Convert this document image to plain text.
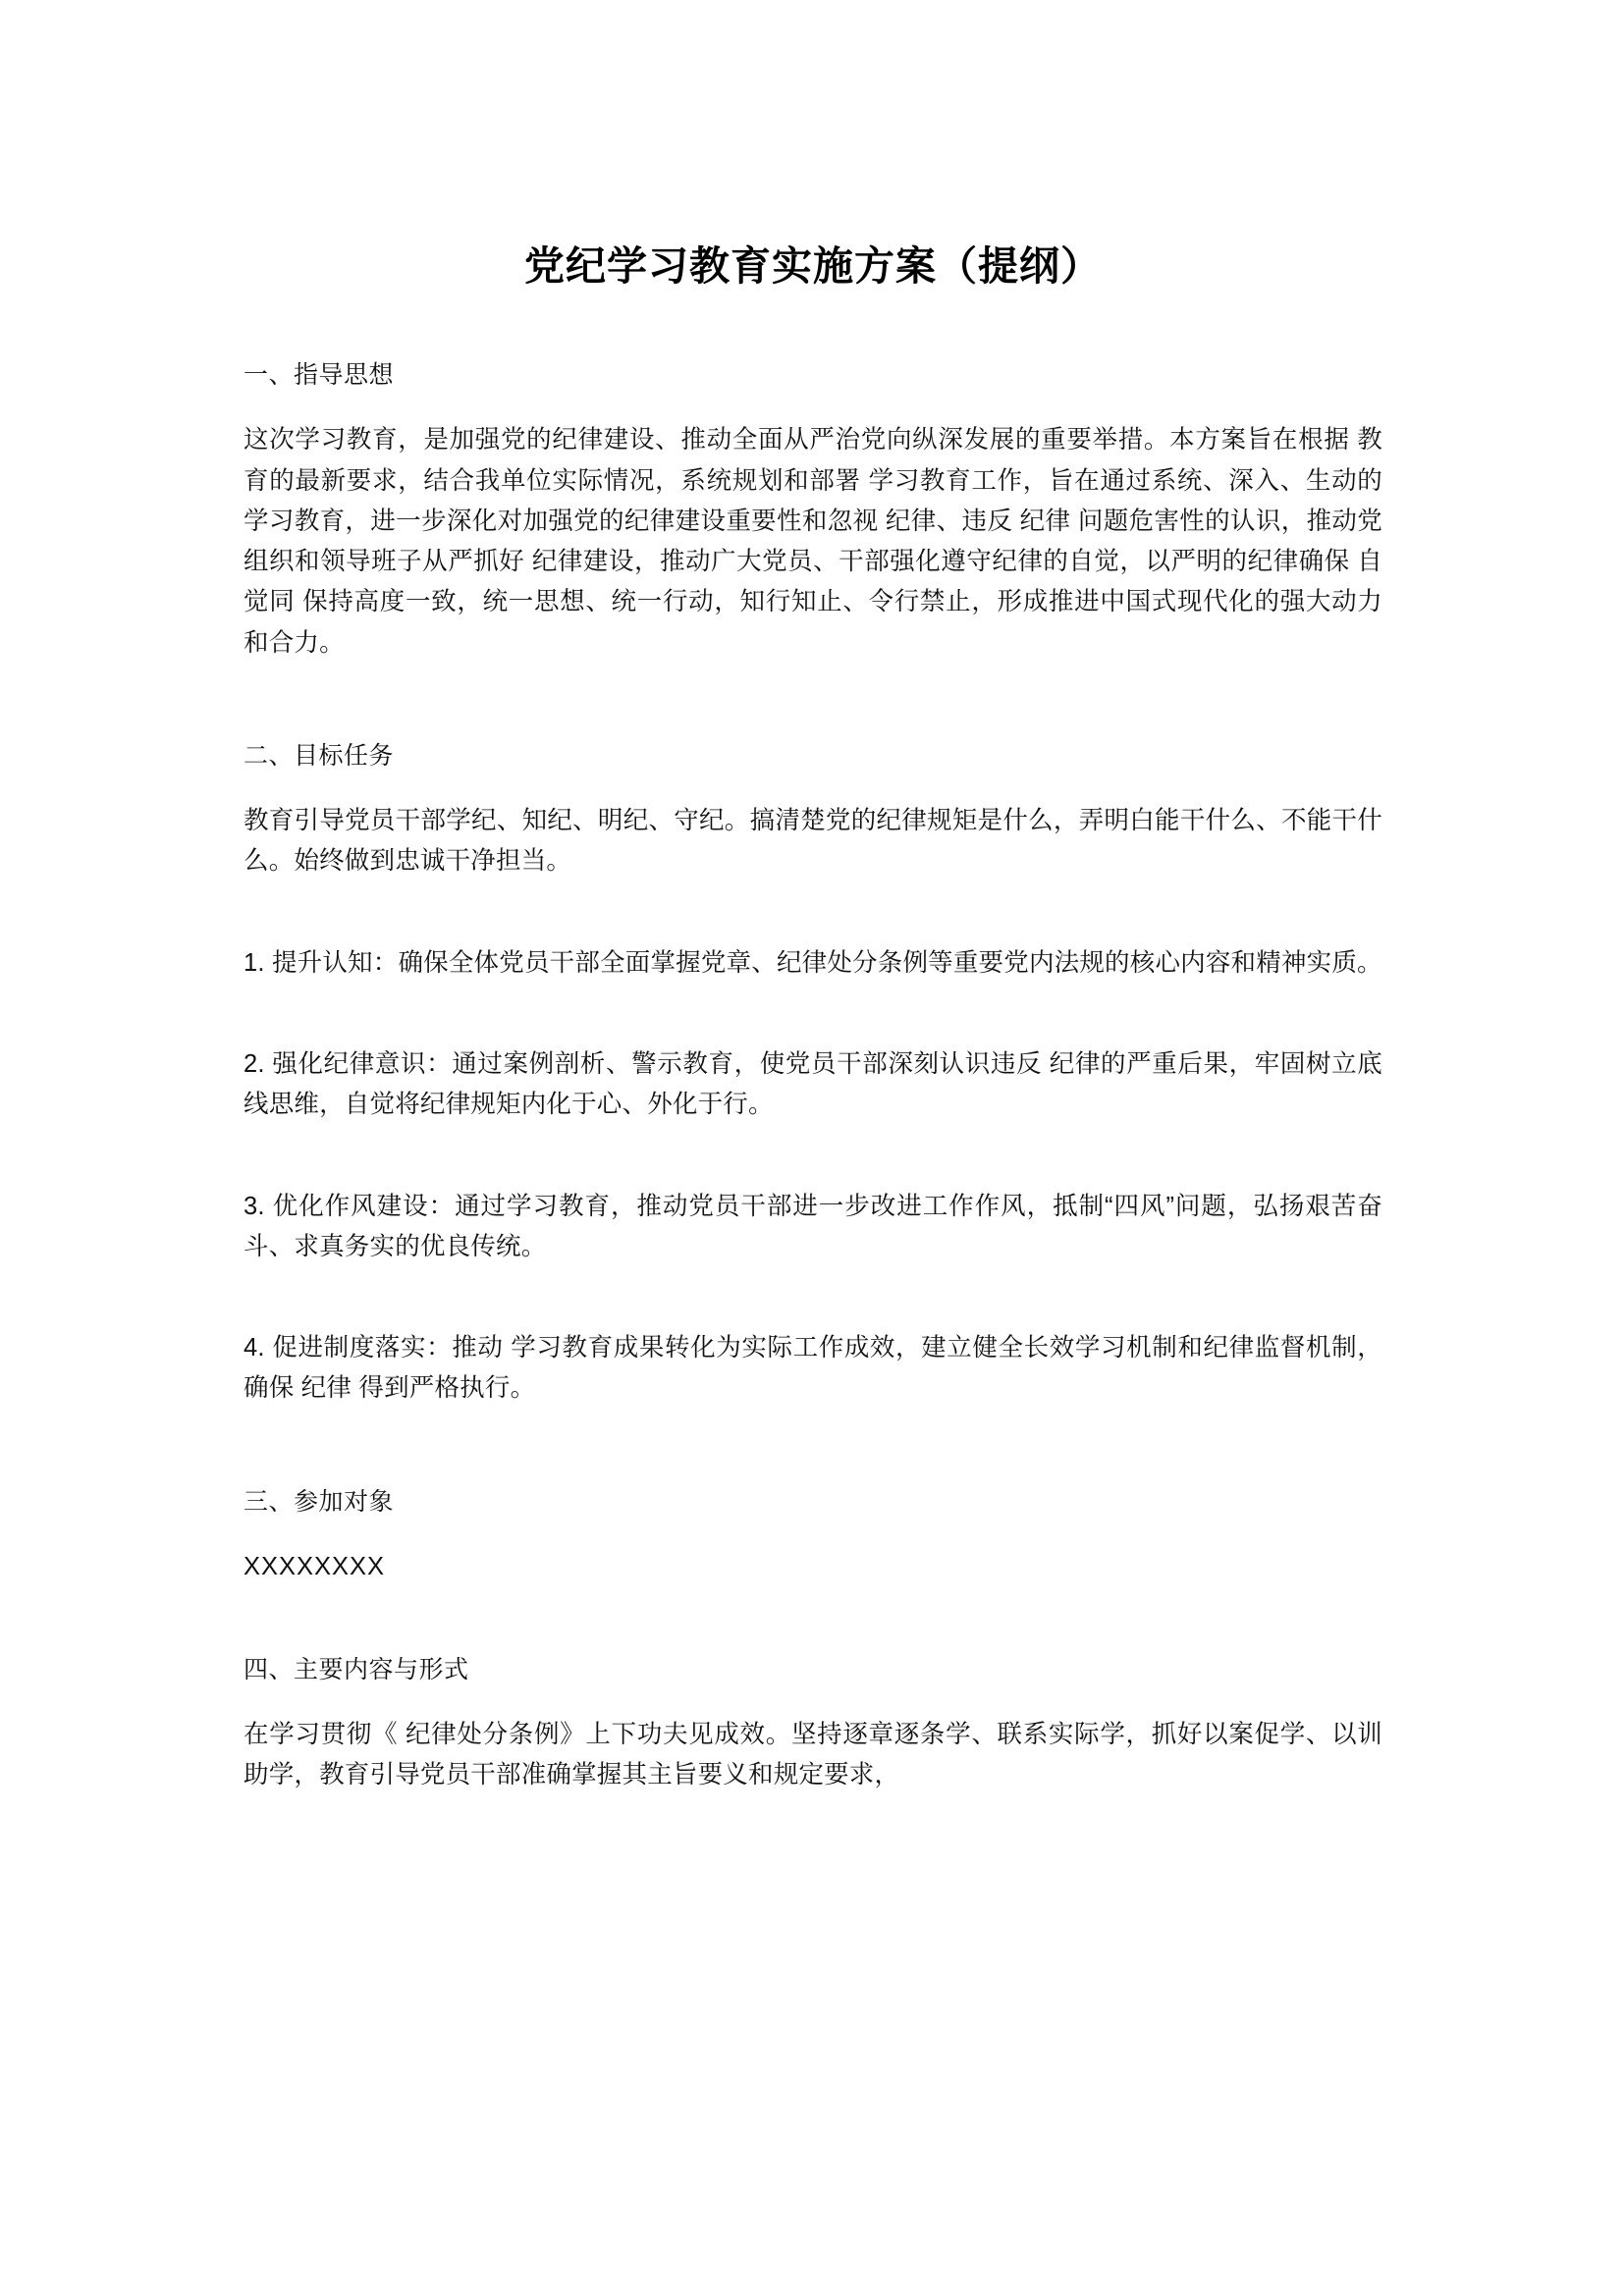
党纪学习教育实施方案（提纲）
一、指导思想

这次学习教育，是加强党的纪律建设、推动全面从严治党向纵深发展的重要举措。本方案旨在根据 教育的最新要求，结合我单位实际情况，系统规划和部署 学习教育工作，旨在通过系统、深入、生动的学习教育，进一步深化对加强党的纪律建设重要性和忽视 纪律、违反 纪律 问题危害性的认识，推动党组织和领导班子从严抓好 纪律建设，推动广大党员、干部强化遵守纪律的自觉，以严明的纪律确保 自觉同 保持高度一致，统一思想、统一行动，知行知止、令行禁止，形成推进中国式现代化的强大动力和合力。

二、目标任务

教育引导党员干部学纪、知纪、明纪、守纪。搞清楚党的纪律规矩是什么，弄明白能干什么、不能干什么。始终做到忠诚干净担当。

1. 提升认知：确保全体党员干部全面掌握党章、纪律处分条例等重要党内法规的核心内容和精神实质。

2. 强化纪律意识：通过案例剖析、警示教育，使党员干部深刻认识违反 纪律的严重后果，牢固树立底线思维，自觉将纪律规矩内化于心、外化于行。

3. 优化作风建设：通过学习教育，推动党员干部进一步改进工作作风，抵制“四风”问题，弘扬艰苦奋斗、求真务实的优良传统。

4. 促进制度落实：推动 学习教育成果转化为实际工作成效，建立健全长效学习机制和纪律监督机制，确保 纪律 得到严格执行。

三、参加对象

XXXXXXXX

四、主要内容与形式

在学习贯彻《 纪律处分条例》上下功夫见成效。坚持逐章逐条学、联系实际学，抓好以案促学、以训助学，教育引导党员干部准确掌握其主旨要义和规定要求，
